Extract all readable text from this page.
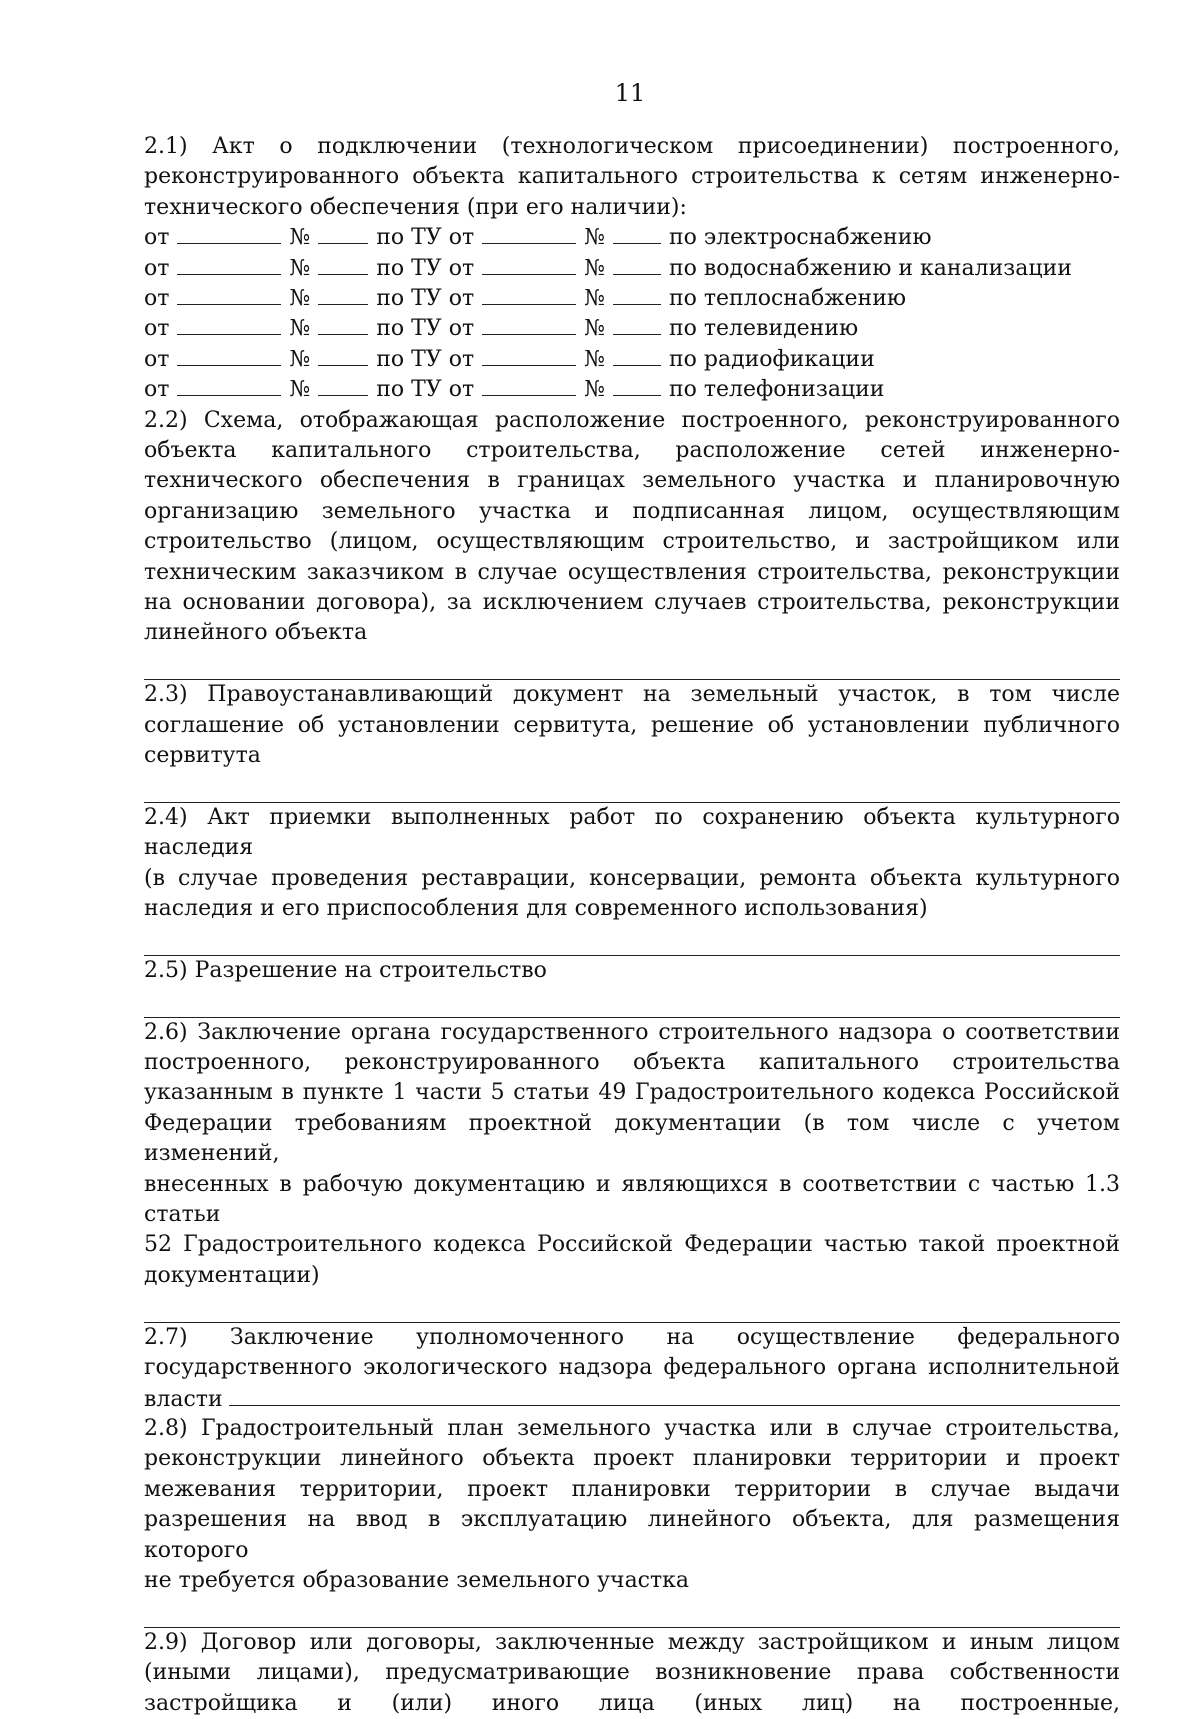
11

2.1) Акт о подключении (технологическом присоединении) построенного,

реконструированного объекта капитального строительства к сетям инженерно-

технического обеспечения (при его наличии):

от	№	по ТУ от	№	по электроснабжению
от	№	по ТУ от	№	по водоснабжению и канализации
от	№	по ТУ от	№	по теплоснабжению
от	№	по ТУ от	№	по телевидению
от	№	по ТУ от	№	по радиофикации
от	№	по ТУ от	№	по телефонизации

2.2) Схема, отображающая расположение построенного, реконструированного

объекта капитального строительства, расположение сетей инженерно-

технического обеспечения в границах земельного участка и планировочную

организацию земельного участка и подписанная лицом, осуществляющим

строительство (лицом, осуществляющим строительство, и застройщиком или

техническим заказчиком в случае осуществления строительства, реконструкции

на основании договора), за исключением случаев строительства, реконструкции

линейного объекта

2.3) Правоустанавливающий документ на земельный участок, в том числе

соглашение об установлении сервитута, решение об установлении публичного

сервитута

2.4) Акт приемки выполненных работ по сохранению объекта культурного наследия

(в случае проведения реставрации, консервации, ремонта объекта культурного

наследия и его приспособления для современного использования)

2.5) Разрешение на строительство

2.6) Заключение органа государственного строительного надзора о соответствии

построенного, реконструированного объекта капитального строительства

указанным в пункте 1 части 5 статьи 49 Градостроительного кодекса Российской

Федерации требованиям проектной документации (в том числе с учетом изменений,

внесенных в рабочую документацию и являющихся в соответствии с частью 1.3 статьи

52 Градостроительного кодекса Российской Федерации частью такой проектной

документации)

2.7) Заключение уполномоченного на осуществление федерального

государственного экологического надзора федерального органа исполнительной

власти

2.8) Градостроительный план земельного участка или в случае строительства,

реконструкции линейного объекта проект планировки территории и проект

межевания территории, проект планировки территории в случае выдачи

разрешения на ввод в эксплуатацию линейного объекта, для размещения которого

не требуется образование земельного участка

2.9) Договор или договоры, заключенные между застройщиком и иным лицом

(иными лицами), предусматривающие возникновение права собственности

застройщика и (или) иного лица (иных лиц) на построенные,
